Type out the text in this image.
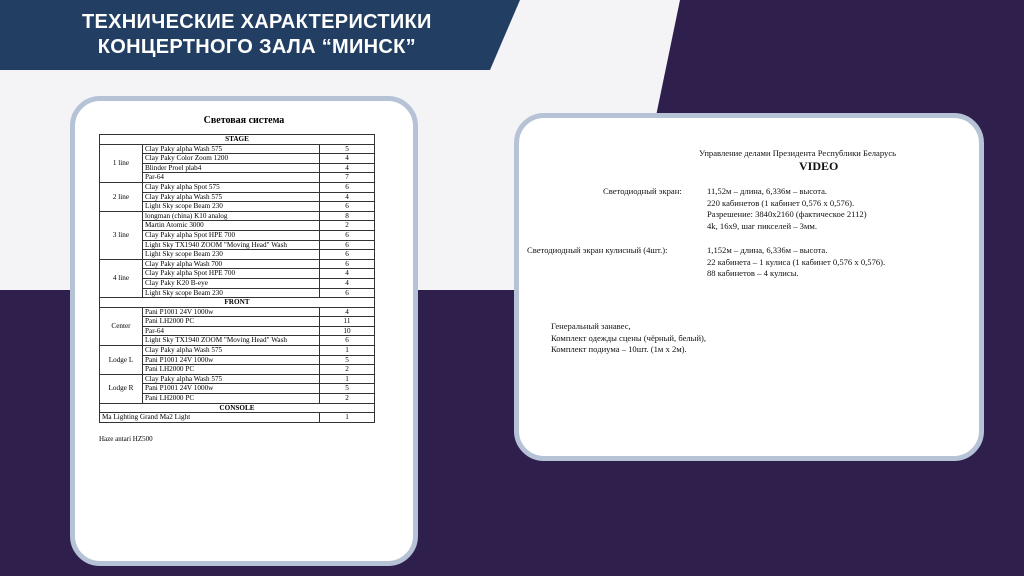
ТЕХНИЧЕСКИЕ ХАРАКТЕРИСТИКИ
КОНЦЕРТНОГО ЗАЛА “МИНСК”
Световая система
STAGE		
1 line	Clay Paky alpha Wash 575	5
	Clay Paky Color Zoom 1200	4
	Blinder Proel plab4	4
	Par-64	7
2 line	Clay Paky alpha Spot 575	6
	Clay Paky alpha Wash 575	4
	Light Sky scope Beam 230	6
3 line	longman (china) K10 analog	8
	Martin Atomic 3000	2
	Clay Paky alpha Spot HPE 700	6
	Light Sky TX1940 ZOOM "Moving Head" Wash	6
	Light Sky scope Beam 230	6
4 line	Clay Paky alpha Wash 700	6
	Clay Paky alpha Spot HPE 700	4
	Clay Paky K20 B-eye	4
	Light Sky scope Beam 230	6
FRONT		
Center	Pani P1001 24V 1000w	4
	Pani LH2000 PC	11
	Par-64	10
	Light Sky TX1940 ZOOM "Moving Head" Wash	6
Lodge L	Clay Paky alpha Wash 575	1
	Pani P1001 24V 1000w	5
	Pani LH2000 PC	2
Lodge R	Clay Paky alpha Wash 575	1
	Pani P1001 24V 1000w	5
	Pani LH2000 PC	2
CONSOLE		
Ma Lighting Grand Ma2 Light		1
Haze antari HZ500
Управление делами Президента Республики Беларусь
VIDEO
Светодиодный экран:	11,52м – длина, 6,336м – высота.
220 кабинетов (1 кабинет 0,576 х 0,576).
Разрешение: 3840х2160 (фактическое 2112)
4k, 16х9, шаг пикселей – 3мм.
Светодиодный экран кулисный (4шт.):	1,152м – длина, 6,336м – высота.
22 кабинета – 1 кулиса (1 кабинет 0,576 х 0,576).
88 кабинетов – 4 кулисы.
Генеральный занавес,
Комплект одежды сцены (чёрный, белый),
Комплект подиума – 10шт. (1м х 2м).
